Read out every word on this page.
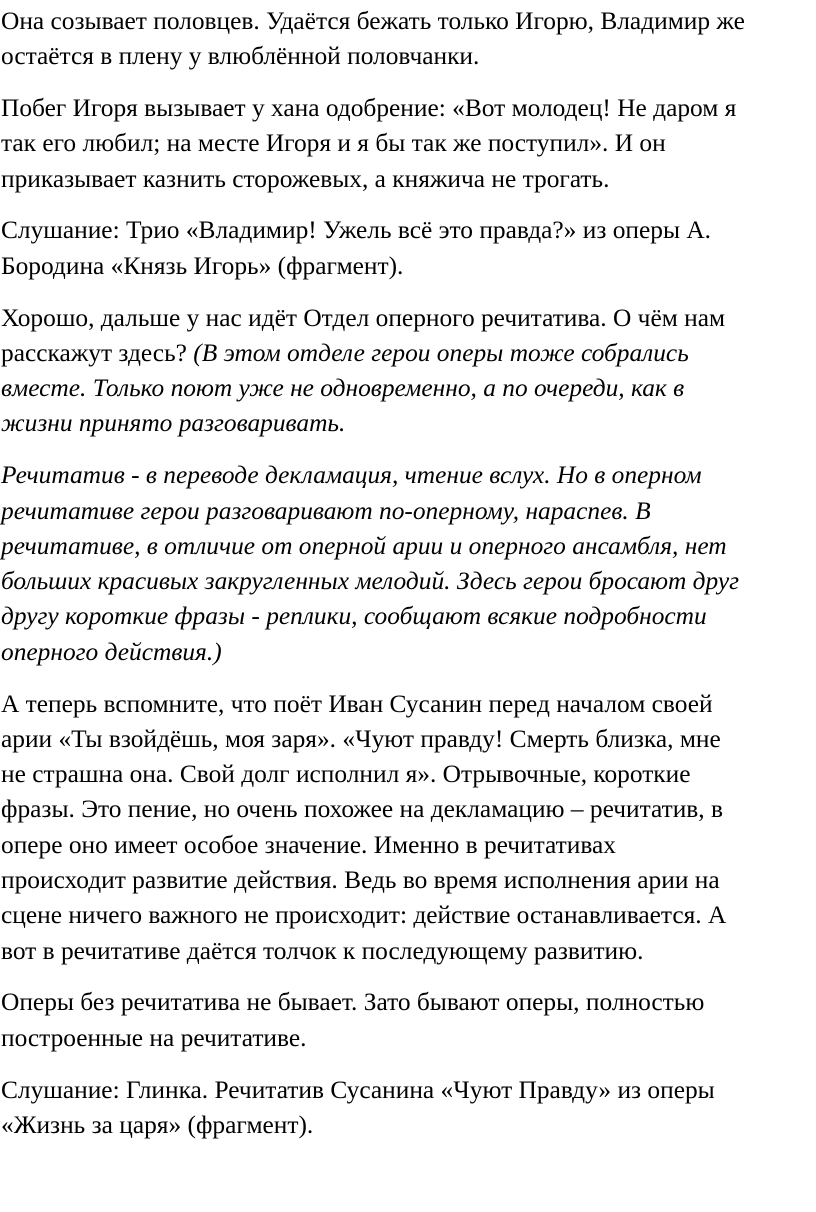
Она созывает половцев. Удаётся бежать только Игорю, Владимир же
остаётся в плену у влюблённой половчанки.

Побег Игоря вызывает у хана одобрение: «Вот молодец! Не даром я
так его любил; на месте Игоря и я бы так же поступил». И он
приказывает казнить сторожевых, а княжича не трогать.

Слушание: Трио «Владимир! Ужель всё это правда?» из оперы А.
Бородина «Князь Игорь» (фрагмент).

Хорошо, дальше у нас идёт Отдел оперного речитатива. О чём нам
расскажут здесь? (В этом отделе герои оперы тоже собрались
вместе. Только поют уже не одновременно, а по очереди, как в
жизни принято разговаривать.

Речитатив - в переводе декламация, чтение вслух. Но в оперном
речитативе герои разговаривают по-оперному, нараспев. В
речитативе, в отличие от оперной арии и оперного ансамбля, нет
больших красивых закругленных мелодий. Здесь герои бросают друг
другу короткие фразы - реплики, сообщают всякие подробности
оперного действия.)

А теперь вспомните, что поёт Иван Сусанин перед началом своей
арии «Ты взойдёшь, моя заря». «Чуют правду! Смерть близка, мне
не страшна она. Свой долг исполнил я». Отрывочные, короткие
фразы. Это пение, но очень похожее на декламацию – речитатив, в
опере оно имеет особое значение. Именно в речитативах
происходит развитие действия. Ведь во время исполнения арии на
сцене ничего важного не происходит: действие останавливается. А
вот в речитативе даётся толчок к последующему развитию.

Оперы без речитатива не бывает. Зато бывают оперы, полностью
построенные на речитативе.

Слушание: Глинка. Речитатив Сусанина «Чуют Правду» из оперы
«Жизнь за царя» (фрагмент).
